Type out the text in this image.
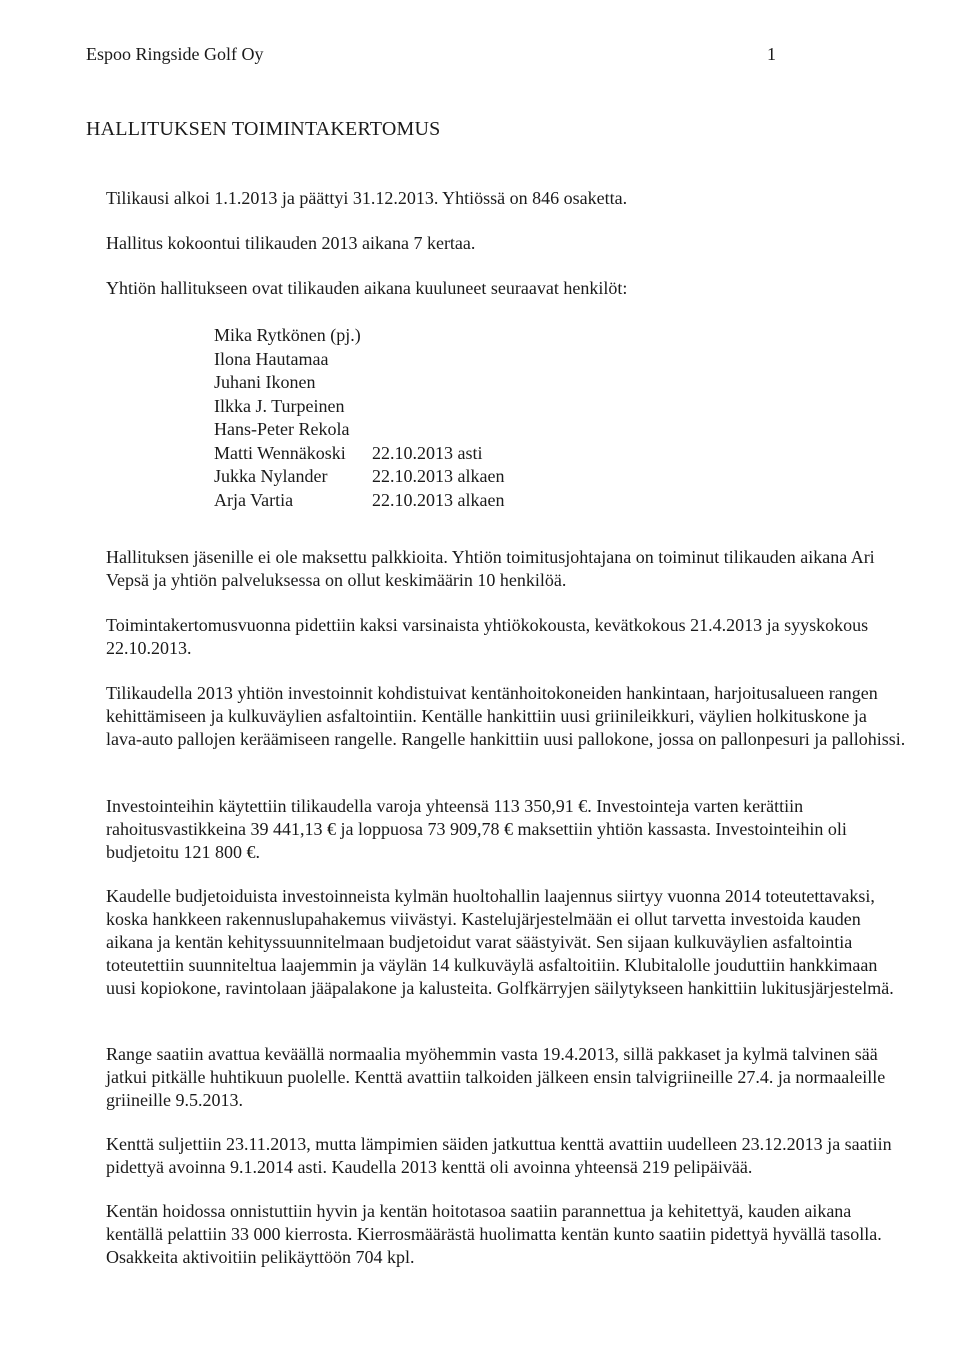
Espoo Ringside Golf Oy	1
HALLITUKSEN TOIMINTAKERTOMUS
Tilikausi alkoi 1.1.2013 ja päättyi 31.12.2013. Yhtiössä on 846 osaketta.
Hallitus kokoontui tilikauden 2013 aikana 7 kertaa.
Yhtiön hallitukseen ovat tilikauden aikana kuuluneet seuraavat henkilöt:
Mika Rytkönen (pj.)
Ilona Hautamaa
Juhani Ikonen
Ilkka J. Turpeinen
Hans-Peter Rekola
Matti Wennäkoski 22.10.2013 asti
Jukka Nylander 22.10.2013 alkaen
Arja Vartia	22.10.2013 alkaen
Hallituksen jäsenille ei ole maksettu palkkioita. Yhtiön toimitusjohtajana on toiminut tilikauden aikana Ari Vepsä ja yhtiön palveluksessa on ollut keskimäärin 10 henkilöä.
Toimintakertomusvuonna pidettiin kaksi varsinaista yhtiökokousta, kevätkokous 21.4.2013 ja syyskokous 22.10.2013.
Tilikaudella 2013 yhtiön investoinnit kohdistuivat kentänhoitokoneiden hankintaan, harjoitusalueen rangen kehittämiseen ja kulkuväylien asfaltointiin. Kentälle hankittiin uusi griinileikkuri, väylien holkituskone ja lava-auto pallojen keräämiseen rangelle. Rangelle hankittiin uusi pallokone, jossa on pallonpesuri ja pallohissi.
Investointeihin käytettiin tilikaudella varoja yhteensä 113 350,91 €. Investointeja varten kerättiin rahoitusvastikkeina 39 441,13 € ja loppuosa 73 909,78 € maksettiin yhtiön kassasta. Investointeihin oli budjetoitu 121 800 €.
Kaudelle budjetoiduista investoinneista kylmän huoltohallin laajennus siirtyy vuonna 2014 toteutettavaksi, koska hankkeen rakennuslupahakemus viivästyi. Kastelujärjestelmään ei ollut tarvetta investoida kauden aikana ja kentän kehityssuunnitelmaan budjetoidut varat säästyivät. Sen sijaan kulkuväylien asfaltointia toteutettiin suunniteltua laajemmin ja väylän 14 kulkuväylä asfaltoitiin. Klubitalolle jouduttiin hankkimaan uusi kopiokone, ravintolaan jääpalakone ja kalusteita. Golfkärryjen säilytykseen hankittiin lukitusjärjestelmä.
Range saatiin avattua keväällä normaalia myöhemmin vasta 19.4.2013, sillä pakkaset ja kylmä talvinen sää jatkui pitkälle huhtikuun puolelle. Kenttä avattiin talkoiden jälkeen ensin talvigriineille 27.4. ja normaaleille griineille 9.5.2013.
Kenttä suljettiin 23.11.2013, mutta lämpimien säiden jatkuttua kenttä avattiin uudelleen 23.12.2013 ja saatiin pidettyä avoinna 9.1.2014 asti. Kaudella 2013 kenttä oli avoinna yhteensä 219 pelipäivää.
Kentän hoidossa onnistuttiin hyvin ja kentän hoitotasoa saatiin parannettua ja kehitettyä, kauden aikana kentällä pelattiin 33 000 kierrosta. Kierrosmäärästä huolimatta kentän kunto saatiin pidettyä hyvällä tasolla. Osakkeita aktivoitiin pelikäyttöön 704 kpl.
